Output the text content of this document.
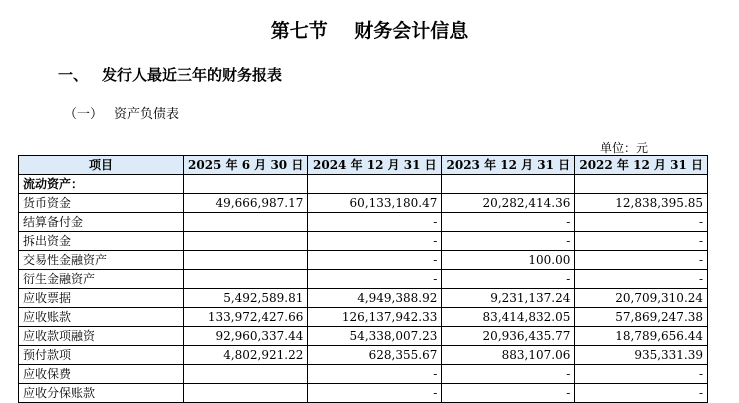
第七节    财务会计信息
一、 发行人最近三年的财务报表
（一） 资产负债表
单位：元
项目	2025 年 6 月 30 日	2024 年 12 月 31 日	2023 年 12 月 31 日	2022 年 12 月 31 日
流动资产：				
货币资金	49,666,987.17	60,133,180.47	20,282,414.36	12,838,395.85
结算备付金		-	-	-
拆出资金		-	-	-
交易性金融资产		-	100.00	-
衍生金融资产		-	-	-
应收票据	5,492,589.81	4,949,388.92	9,231,137.24	20,709,310.24
应收账款	133,972,427.66	126,137,942.33	83,414,832.05	57,869,247.38
应收款项融资	92,960,337.44	54,338,007.23	20,936,435.77	18,789,656.44
预付款项	4,802,921.22	628,355.67	883,107.06	935,331.39
应收保费		-	-	-
应收分保账款		-	-	-
